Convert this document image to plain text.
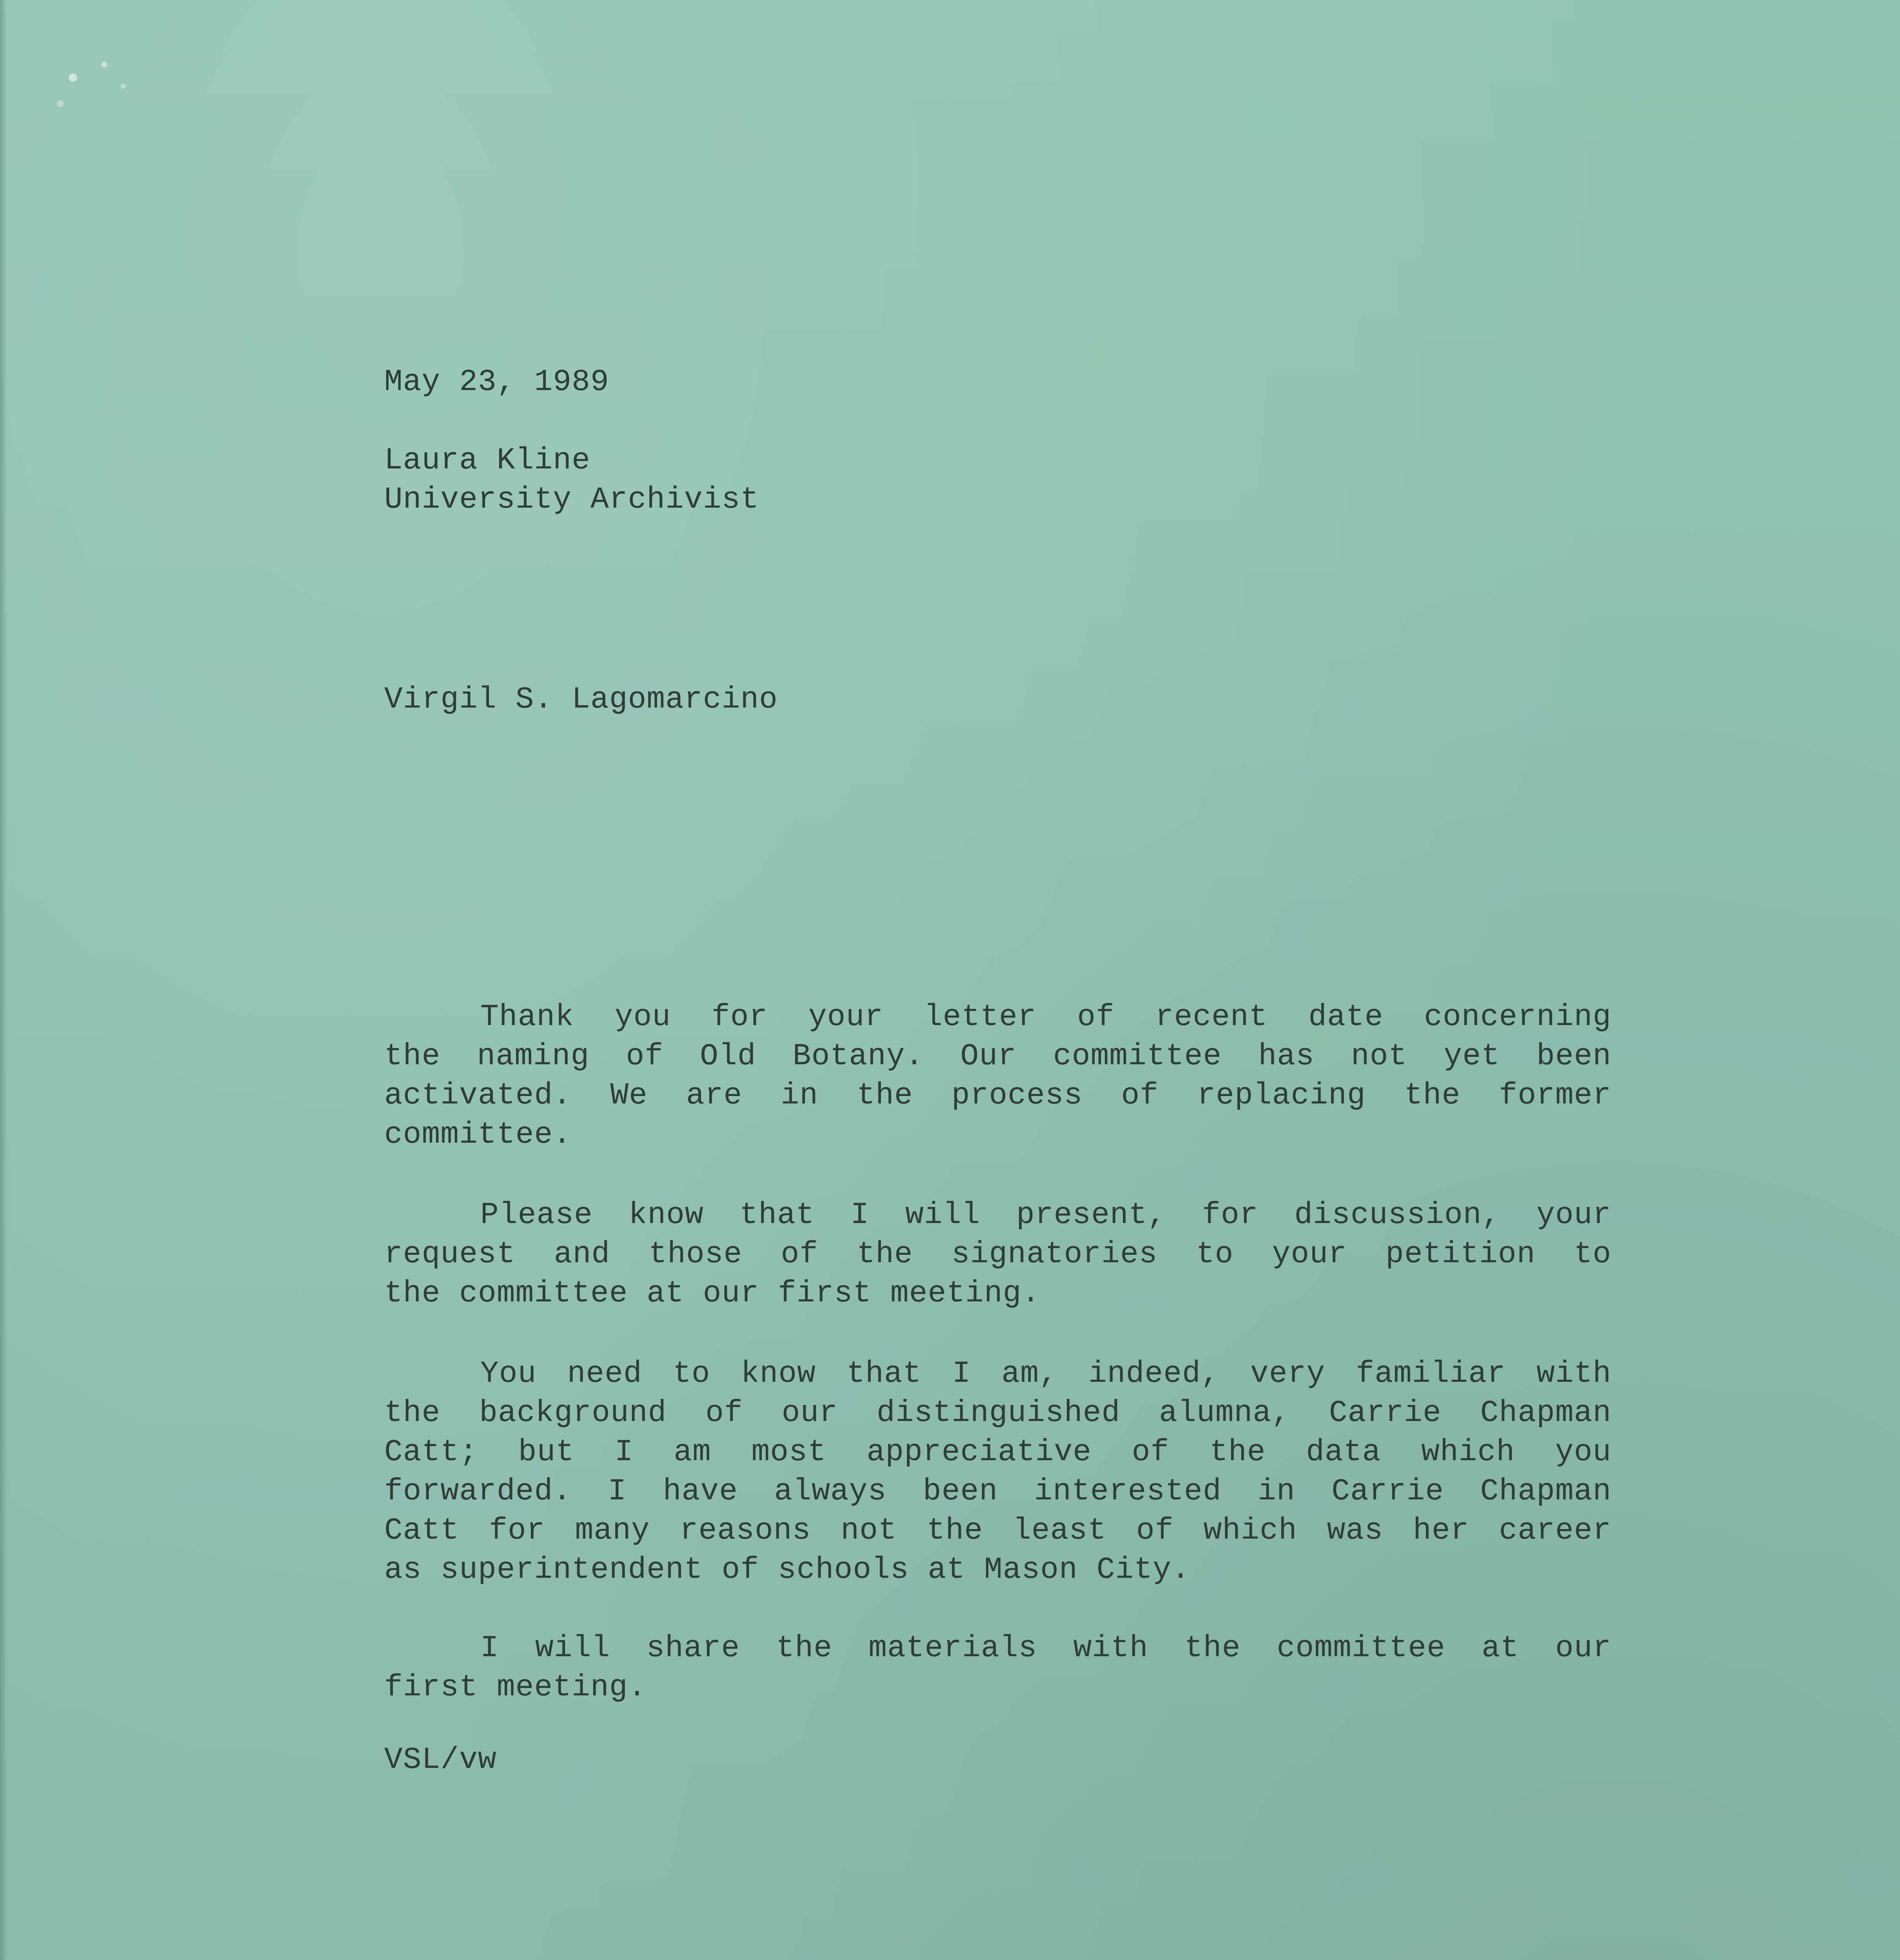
May 23, 1989
Laura Kline
University Archivist
Virgil S. Lagomarcino
Thank you for your letter of recent date concerning
the naming of Old Botany. Our committee has not yet been
activated. We are in the process of replacing the former
committee.
Please know that I will present, for discussion, your
request and those of the signatories to your petition to
the committee at our first meeting.
You need to know that I am, indeed, very familiar with
the background of our distinguished alumna, Carrie Chapman
Catt; but I am most appreciative of the data which you
forwarded. I have always been interested in Carrie Chapman
Catt for many reasons not the least of which was her career
as superintendent of schools at Mason City.
I will share the materials with the committee at our
first meeting.
VSL/vw
